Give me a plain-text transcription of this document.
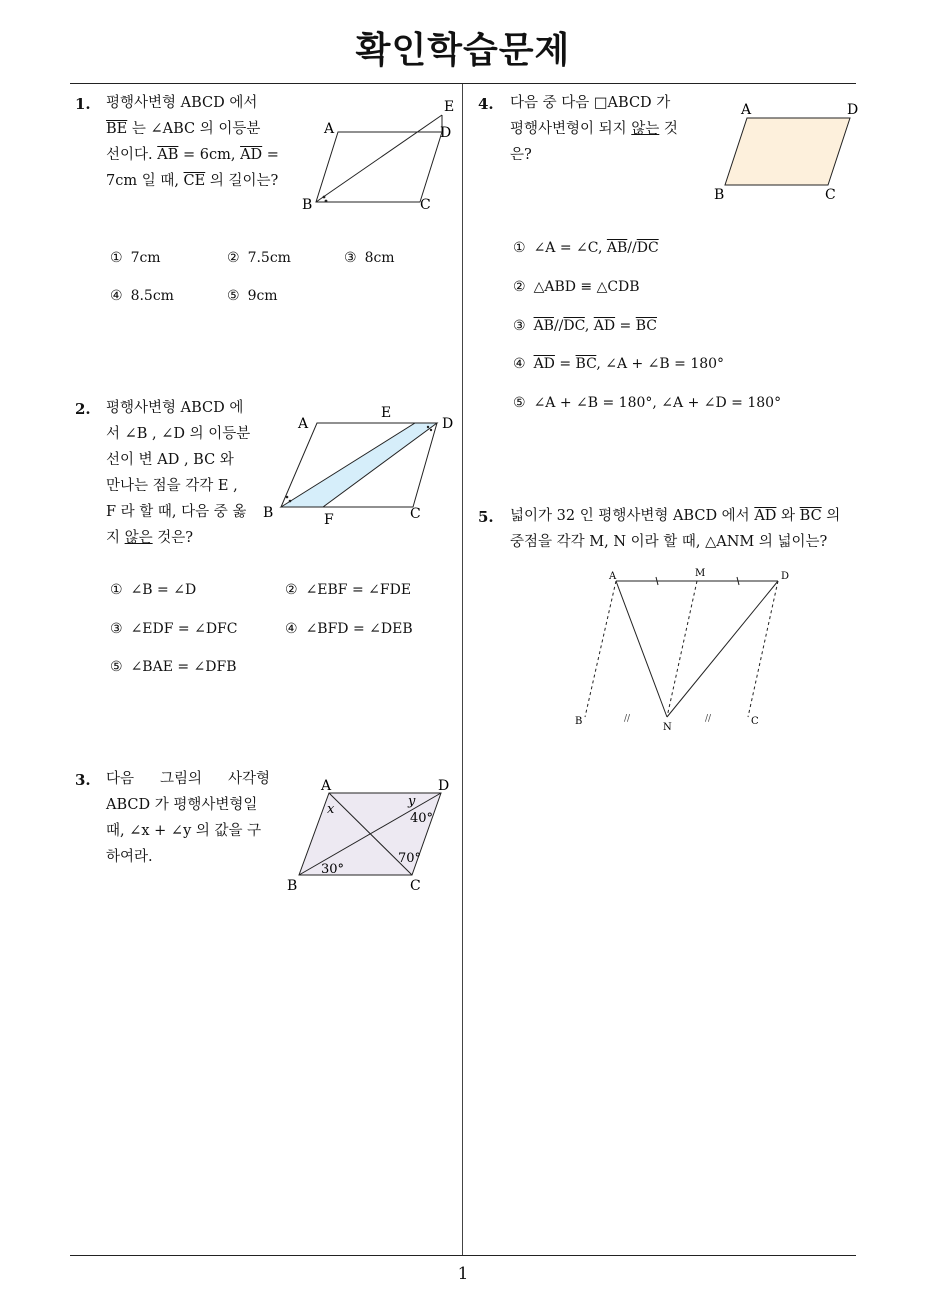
확인학습문제
1. 평행사변형 ABCD 에서
$\overline{BE}$ 는 ∠ABC 의 이등분
선이다. $\overline{AB} = 6cm$, $\overline{AD}$ =
7cm 일 때, $\overline{CE}$ 의 길이는?
A
B	C
D
E
① 7cm	② 7.5cm	③ 8cm
④ 8.5cm	⑤ 9cm
2. 평행사변형 ABCD 에
서 ∠B , ∠D 의 이등분
선이 변 AD , BC 와
만나는 점을 각각 E ,
F 라 할 때, 다음 중 옳
지 않은 것은?
A
B	C
D
E
F
① ∠B = ∠D	② ∠EBF = ∠FDE
③ ∠EDF = ∠DFC	④ ∠BFD = ∠DEB
⑤ ∠BAE = ∠DFB
3. 다음 그림의 사각형
ABCD 가 평행사변형일
때, ∠x + ∠y 의 값을 구
하여라.
A
B	C
D
x
y
40°
70°
30°
4. 다음 중 다음 □ABCD 가
평행사변형이 되지 않는 것
은?
A
B	C
D
① ∠A = ∠C, $\overline{AB}//\overline{DC}$
② △ABD ≡ △CDB
③ $\overline{AB}//\overline{DC}$, $\overline{AD} = \overline{BC}$
④ $\overline{AD} = \overline{BC}$, ∠A + ∠B = 180°
⑤ ∠A + ∠B = 180°, ∠A + ∠D = 180°
5. 넓이가 32 인 평행사변형 ABCD 에서 $\overline{AD}$ 와 $\overline{BC}$ 의
중점을 각각 M, N 이라 할 때, △ANM 의 넓이는?
//	//
A
B	C
D
M
N
1
